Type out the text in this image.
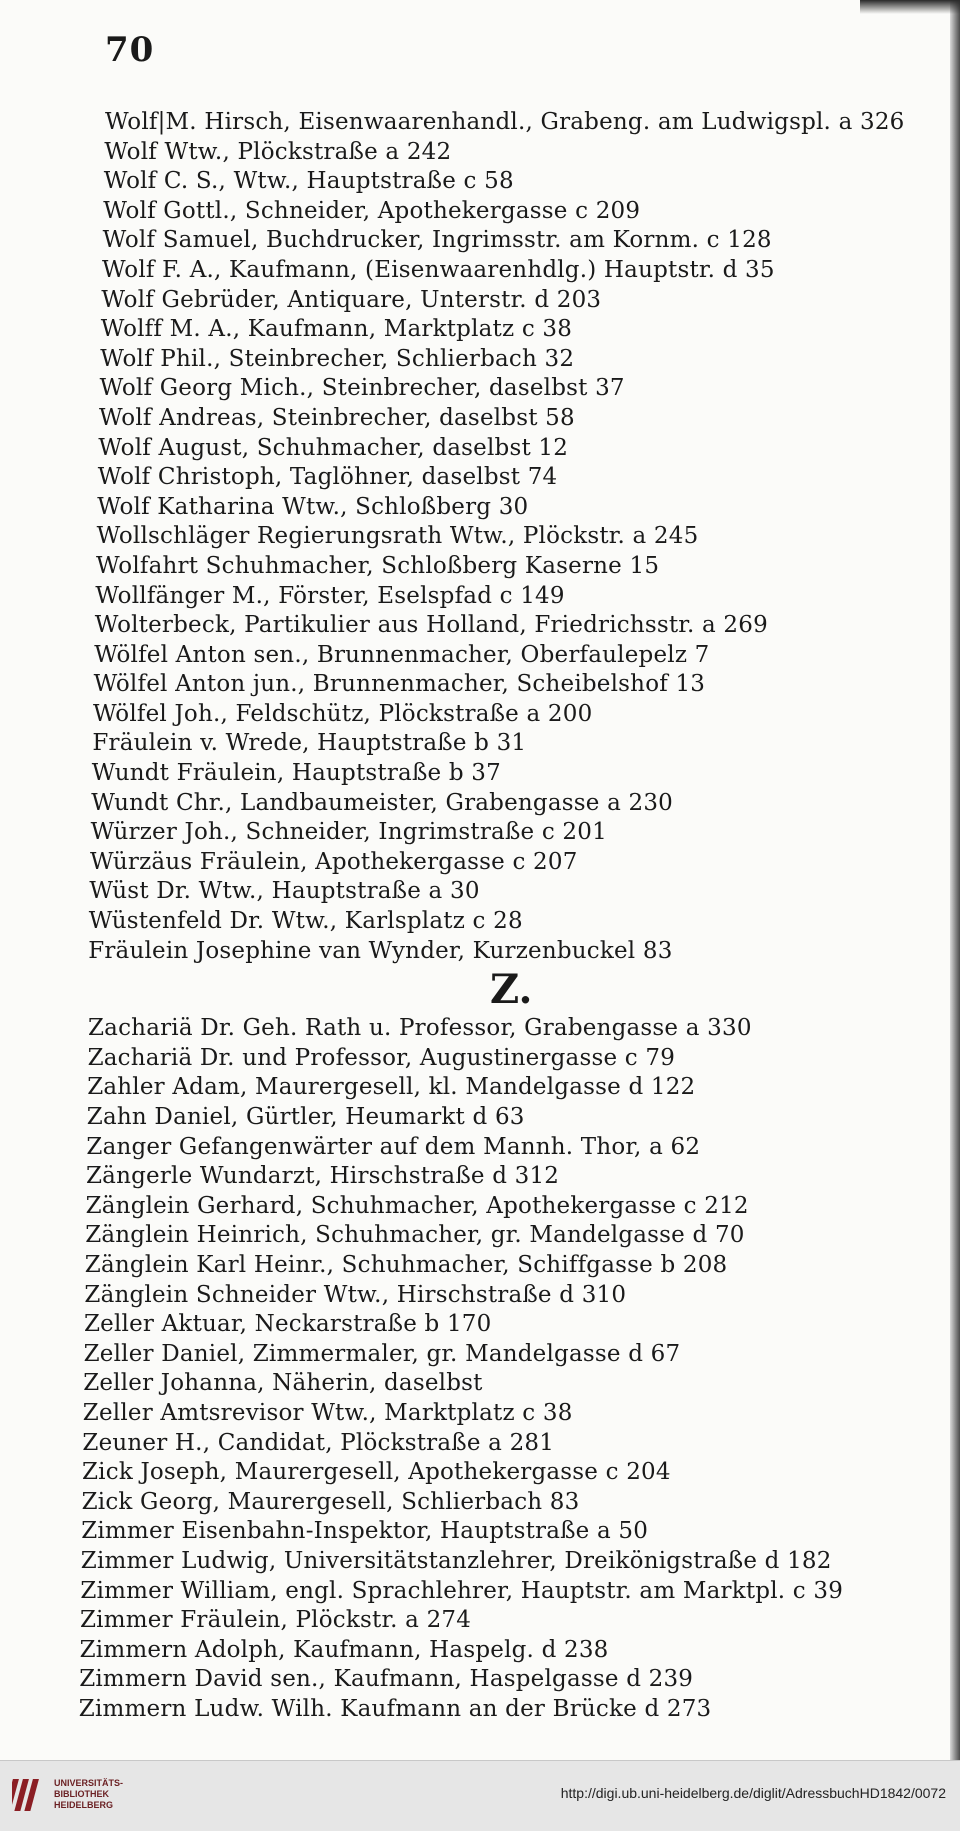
70
Wolf|M. Hirsch, Eisenwaarenhandl., Grabeng. am Ludwigspl. a 326
Wolf Wtw., Plöckstraße a 242
Wolf C. S., Wtw., Hauptstraße c 58
Wolf Gottl., Schneider, Apothekergasse c 209
Wolf Samuel, Buchdrucker, Ingrimsstr. am Kornm. c 128
Wolf F. A., Kaufmann, (Eisenwaarenhdlg.) Hauptstr. d 35
Wolf Gebrüder, Antiquare, Unterstr. d 203
Wolff M. A., Kaufmann, Marktplatz c 38
Wolf Phil., Steinbrecher, Schlierbach 32
Wolf Georg Mich., Steinbrecher, daselbst 37
Wolf Andreas, Steinbrecher, daselbst 58
Wolf August, Schuhmacher, daselbst 12
Wolf Christoph, Taglöhner, daselbst 74
Wolf Katharina Wtw., Schloßberg 30
Wollschläger Regierungsrath Wtw., Plöckstr. a 245
Wolfahrt Schuhmacher, Schloßberg Kaserne 15
Wollfänger M., Förster, Eselspfad c 149
Wolterbeck, Partikulier aus Holland, Friedrichsstr. a 269
Wölfel Anton sen., Brunnenmacher, Oberfaulepelz 7
Wölfel Anton jun., Brunnenmacher, Scheibelshof 13
Wölfel Joh., Feldschütz, Plöckstraße a 200
Fräulein v. Wrede, Hauptstraße b 31
Wundt Fräulein, Hauptstraße b 37
Wundt Chr., Landbaumeister, Grabengasse a 230
Würzer Joh., Schneider, Ingrimstraße c 201
Würzäus Fräulein, Apothekergasse c 207
Wüst Dr. Wtw., Hauptstraße a 30
Wüstenfeld Dr. Wtw., Karlsplatz c 28
Fräulein Josephine van Wynder, Kurzenbuckel 83
Z.
Zachariä Dr. Geh. Rath u. Professor, Grabengasse a 330
Zachariä Dr. und Professor, Augustinergasse c 79
Zahler Adam, Maurergesell, kl. Mandelgasse d 122
Zahn Daniel, Gürtler, Heumarkt d 63
Zanger Gefangenwärter auf dem Mannh. Thor, a 62
Zängerle Wundarzt, Hirschstraße d 312
Zänglein Gerhard, Schuhmacher, Apothekergasse c 212
Zänglein Heinrich, Schuhmacher, gr. Mandelgasse d 70
Zänglein Karl Heinr., Schuhmacher, Schiffgasse b 208
Zänglein Schneider Wtw., Hirschstraße d 310
Zeller Aktuar, Neckarstraße b 170
Zeller Daniel, Zimmermaler, gr. Mandelgasse d 67
Zeller Johanna, Näherin, daselbst
Zeller Amtsrevisor Wtw., Marktplatz c 38
Zeuner H., Candidat, Plöckstraße a 281
Zick Joseph, Maurergesell, Apothekergasse c 204
Zick Georg, Maurergesell, Schlierbach 83
Zimmer Eisenbahn-Inspektor, Hauptstraße a 50
Zimmer Ludwig, Universitätstanzlehrer, Dreikönigstraße d 182
Zimmer William, engl. Sprachlehrer, Hauptstr. am Marktpl. c 39
Zimmer Fräulein, Plöckstr. a 274
Zimmern Adolph, Kaufmann, Haspelg. d 238
Zimmern David sen., Kaufmann, Haspelgasse d 239
Zimmern Ludw. Wilh. Kaufmann an der Brücke d 273
UNIVERSITÄTS-
BIBLIOTHEK
HEIDELBERG
http://digi.ub.uni-heidelberg.de/diglit/AdressbuchHD1842/0072
